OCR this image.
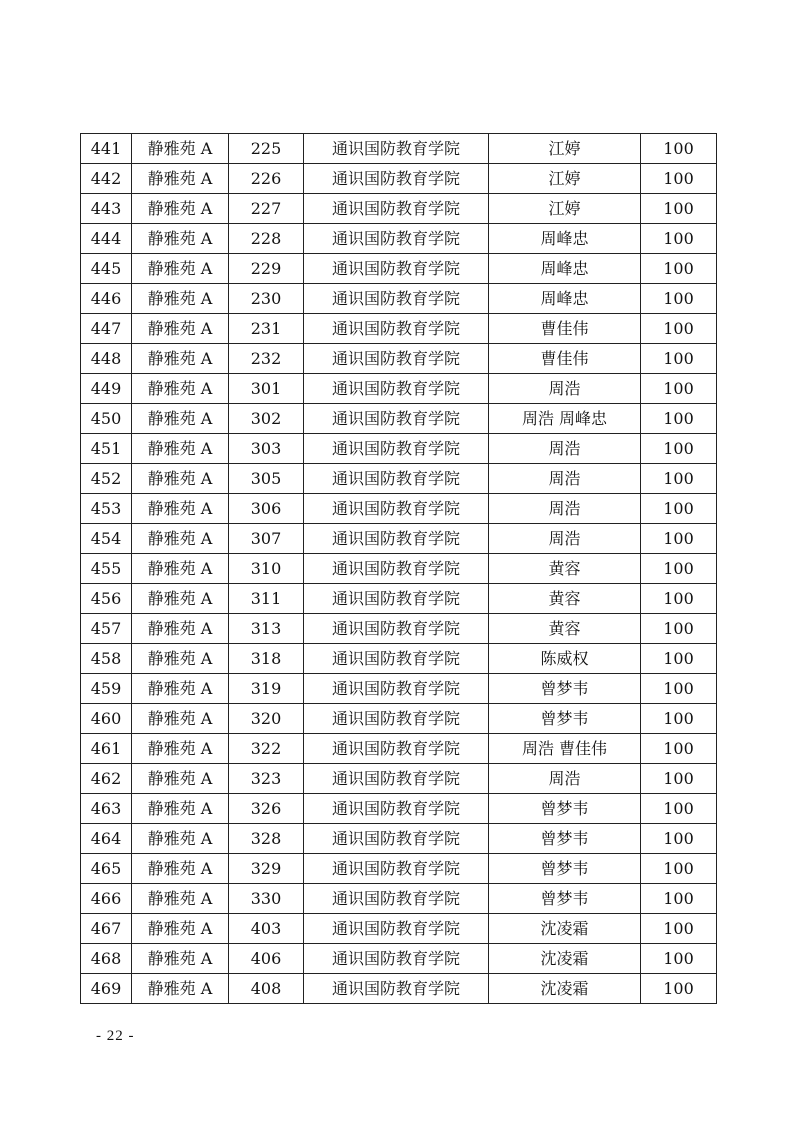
441	静雅苑 A	225	通识国防教育学院	江婷	100
442	静雅苑 A	226	通识国防教育学院	江婷	100
443	静雅苑 A	227	通识国防教育学院	江婷	100
444	静雅苑 A	228	通识国防教育学院	周峰忠	100
445	静雅苑 A	229	通识国防教育学院	周峰忠	100
446	静雅苑 A	230	通识国防教育学院	周峰忠	100
447	静雅苑 A	231	通识国防教育学院	曹佳伟	100
448	静雅苑 A	232	通识国防教育学院	曹佳伟	100
449	静雅苑 A	301	通识国防教育学院	周浩	100
450	静雅苑 A	302	通识国防教育学院	周浩 周峰忠	100
451	静雅苑 A	303	通识国防教育学院	周浩	100
452	静雅苑 A	305	通识国防教育学院	周浩	100
453	静雅苑 A	306	通识国防教育学院	周浩	100
454	静雅苑 A	307	通识国防教育学院	周浩	100
455	静雅苑 A	310	通识国防教育学院	黄容	100
456	静雅苑 A	311	通识国防教育学院	黄容	100
457	静雅苑 A	313	通识国防教育学院	黄容	100
458	静雅苑 A	318	通识国防教育学院	陈威权	100
459	静雅苑 A	319	通识国防教育学院	曾梦韦	100
460	静雅苑 A	320	通识国防教育学院	曾梦韦	100
461	静雅苑 A	322	通识国防教育学院	周浩 曹佳伟	100
462	静雅苑 A	323	通识国防教育学院	周浩	100
463	静雅苑 A	326	通识国防教育学院	曾梦韦	100
464	静雅苑 A	328	通识国防教育学院	曾梦韦	100
465	静雅苑 A	329	通识国防教育学院	曾梦韦	100
466	静雅苑 A	330	通识国防教育学院	曾梦韦	100
467	静雅苑 A	403	通识国防教育学院	沈凌霜	100
468	静雅苑 A	406	通识国防教育学院	沈凌霜	100
469	静雅苑 A	408	通识国防教育学院	沈凌霜	100
- 22 -
